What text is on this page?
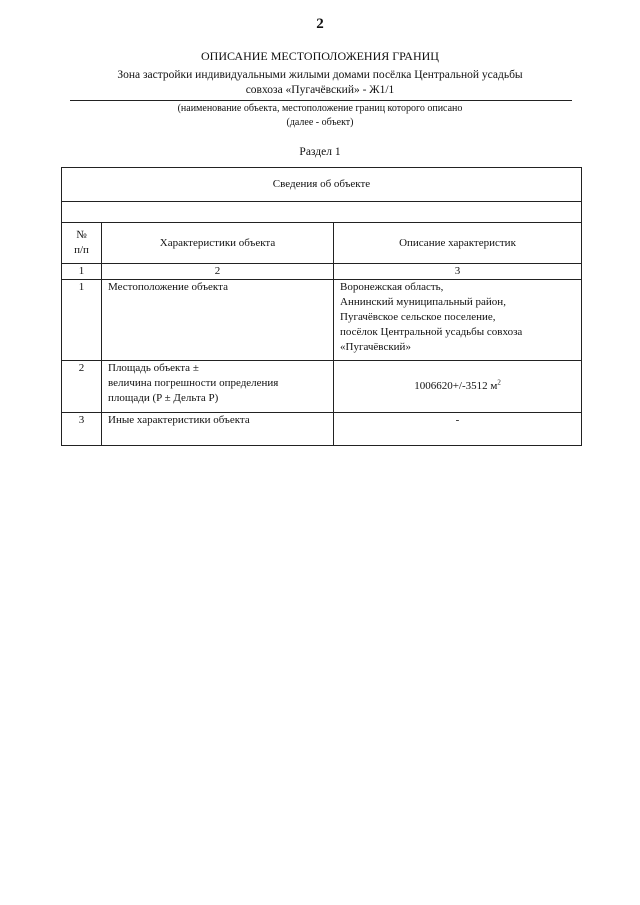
2
ОПИСАНИЕ МЕСТОПОЛОЖЕНИЯ ГРАНИЦ
Зона застройки индивидуальными жилыми домами посёлка Центральной усадьбы
совхоза «Пугачёвский» - Ж1/1
(наименование объекта, местоположение границ которого описано
(далее - объект)
Раздел 1
Сведения об объекте		

№
п/п	Характеристики объекта	Описание характеристик
1	2	3
1	Местоположение объекта	Воронежская область,
Аннинский муниципальный район,
Пугачёвское сельское поселение,
посёлок Центральной усадьбы совхоза
«Пугачёвский»

2	Площадь объекта ±
величина погрешности определения
площади (P ± Дельта P)	1006620+/-3512 $м^2$
3	Иные характеристики объекта	-
